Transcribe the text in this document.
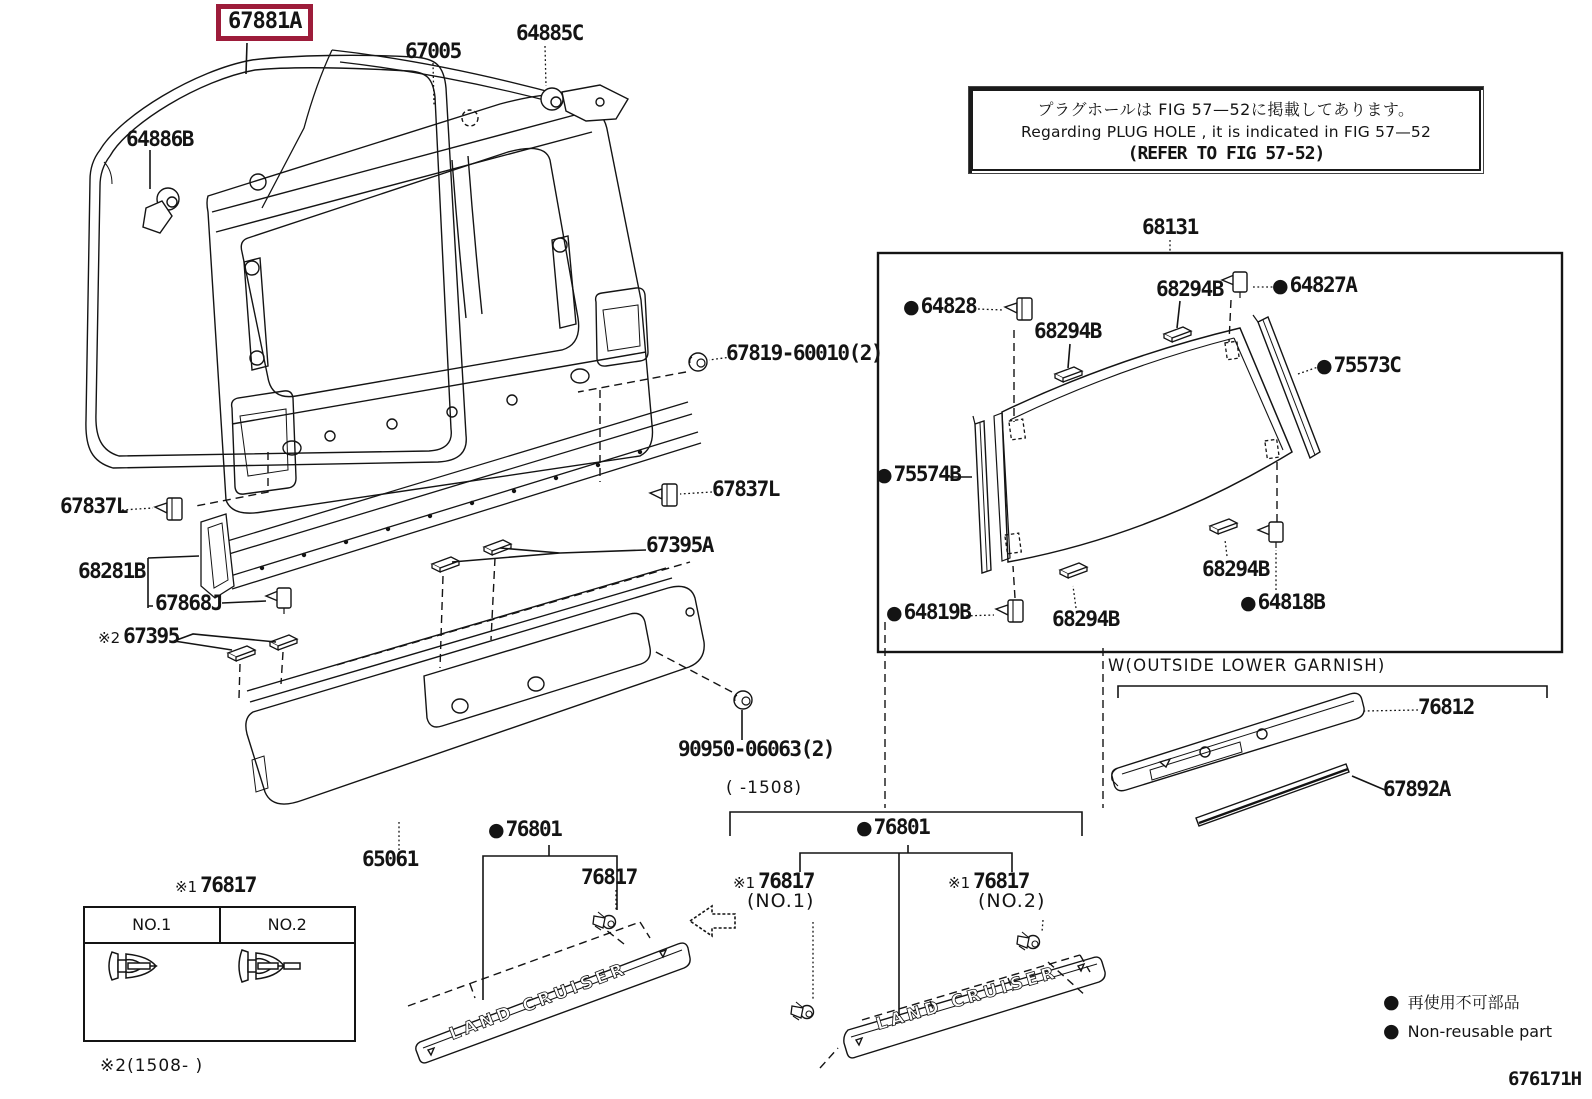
LAND CRUISER	LAND CRUISER
67881A
プラグホールは FIG 57—52に掲載してあります。
Regarding PLUG HOLE , it is indicated in FIG 57—52
(REFER TO FIG 57-52)
67005
64885C
64886B
68131
●64828
68294B
68294B	●64827A
●75573C
●75574B
●64819B	68294B
68294B
●64818B
67819-60010(2)
67837L
67837L
68281B
67868J
※2 67395
67395A
90950-06063(2)
65061
●76801
76817
( -1508)
●76801
※1 76817
(NO.1)
※1 76817
(NO.2)
W(OUTSIDE LOWER GARNISH)
76812
67892A
※1 76817
NO.1	NO.2
※2(1508- )
● 再使用不可部品
● Non-reusable part
676171H
